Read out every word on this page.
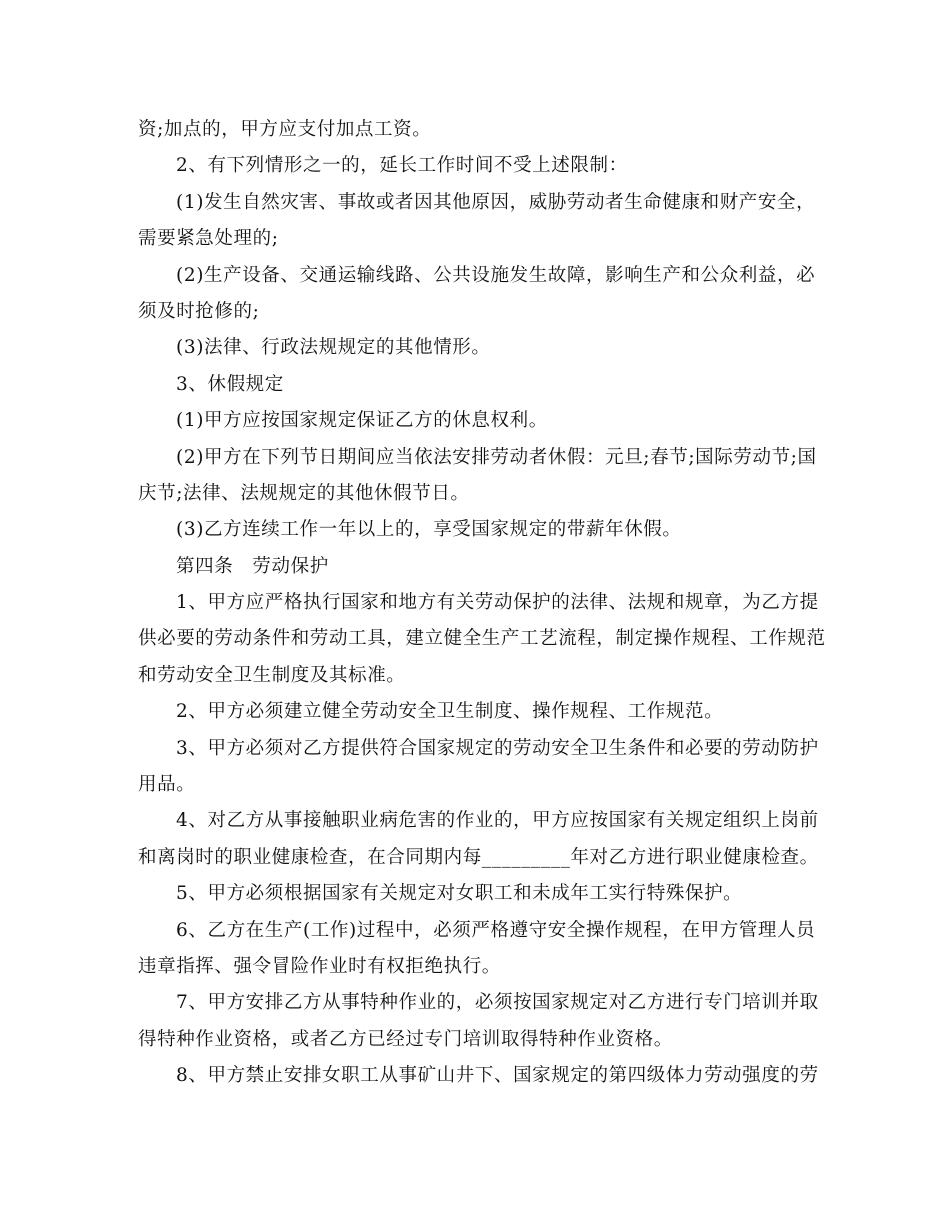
资;加点的，甲方应支付加点工资。
2、有下列情形之一的，延长工作时间不受上述限制：
(1)发生自然灾害、事故或者因其他原因，威胁劳动者生命健康和财产安全，
需要紧急处理的;
(2)生产设备、交通运输线路、公共设施发生故障，影响生产和公众利益，必
须及时抢修的;
(3)法律、行政法规规定的其他情形。
3、休假规定
(1)甲方应按国家规定保证乙方的休息权利。
(2)甲方在下列节日期间应当依法安排劳动者休假：元旦;春节;国际劳动节;国
庆节;法律、法规规定的其他休假节日。
(3)乙方连续工作一年以上的，享受国家规定的带薪年休假。
第四条　劳动保护
1、甲方应严格执行国家和地方有关劳动保护的法律、法规和规章，为乙方提
供必要的劳动条件和劳动工具，建立健全生产工艺流程，制定操作规程、工作规范
和劳动安全卫生制度及其标准。
2、甲方必须建立健全劳动安全卫生制度、操作规程、工作规范。
3、甲方必须对乙方提供符合国家规定的劳动安全卫生条件和必要的劳动防护
用品。
4、对乙方从事接触职业病危害的作业的，甲方应按国家有关规定组织上岗前
和离岗时的职业健康检查，在合同期内每_________年对乙方进行职业健康检查。
5、甲方必须根据国家有关规定对女职工和未成年工实行特殊保护。
6、乙方在生产(工作)过程中，必须严格遵守安全操作规程，在甲方管理人员
违章指挥、强令冒险作业时有权拒绝执行。
7、甲方安排乙方从事特种作业的，必须按国家规定对乙方进行专门培训并取
得特种作业资格，或者乙方已经过专门培训取得特种作业资格。
8、甲方禁止安排女职工从事矿山井下、国家规定的第四级体力劳动强度的劳
